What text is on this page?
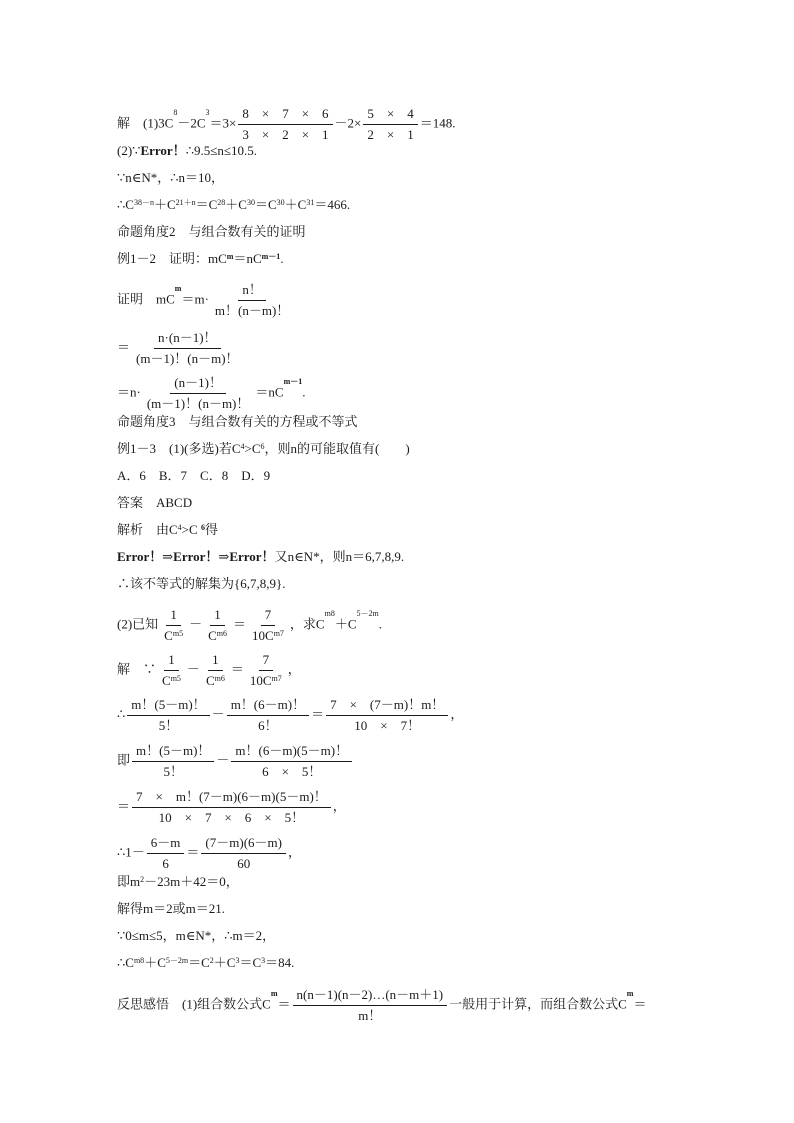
解　$(1)3C^8-2C^3=3\times \frac{8 \times 7 \times 6}{3 \times 2 \times 1} -2\times \frac{5 \times 4}{2 \times 1} =148$.
(2)∵Error！∴9.5≤n≤10.5.
∵n∈N*，∴n＝10，
$\therefore C^{38-n}+C^{21+n}=C^{28}+C^{30}=C^{30}+C^{31}=466$.
命题角度2　与组合数有关的证明
例1－2　证明：$mC^m=nC^{m-1}$.
证明　$mC^m=m\cdot \frac{n!}{m!(n-m)!}$
＝ $\frac{n\cdot(n-1)!}{(m-1)!(n-m)!}$
$=n\cdot \frac{(n-1)!}{(m-1)!(n-m)!} =nC^{m-1}$.
命题角度3　与组合数有关的方程或不等式
例1－3　(1)(多选)若$C^4>C^6$，则n的可能取值有(　　)
A．6　B．7　C．8　D．9
答案　ABCD
解析　由$C^4>C$ $^6$得
Error！⇒Error！⇒Error！又n∈N*，则n＝6,7,8,9.
∴该不等式的解集为{6,7,8,9}.
(2)已知 $\frac{1}{C^{m5}} - \frac{1}{C^{m6}} = \frac{7}{10C^{m7}}$ ，求$C^{m8}+C^{5-2m}$.
解　∵ $\frac{1}{C^{m5}} - \frac{1}{C^{m6}} = \frac{7}{10C^{m7}}$ ，
∴ $\frac{m!(5-m)!}{5!} - \frac{m!(6-m)!}{6!} = \frac{7 \times (7-m)!m!}{10 \times 7!}$ ，
即 $\frac{m!(5-m)!}{5!} - \frac{m!(6-m)(5-m)!}{6 \times 5!}$
＝ $\frac{7 \times m!(7-m)(6-m)(5-m)!}{10 \times 7 \times 6 \times 5!}$ ，
∴1－ $\frac{6-m}{6} = \frac{(7-m)(6-m)}{60}$ ，
即$m^2-23m+42=0$，
解得m＝2或m＝21.
∵0≤m≤5，m∈N*，∴m＝2，
$\therefore C^{m8}+C^{5-2m}=C^2+C^3=C^3=84$.
反思感悟　(1)组合数公式$C^m= \frac{n(n-1)(n-2)\dots(n-m+1)}{m!}$ 一般用于计算，而组合数公式$C^m=$
